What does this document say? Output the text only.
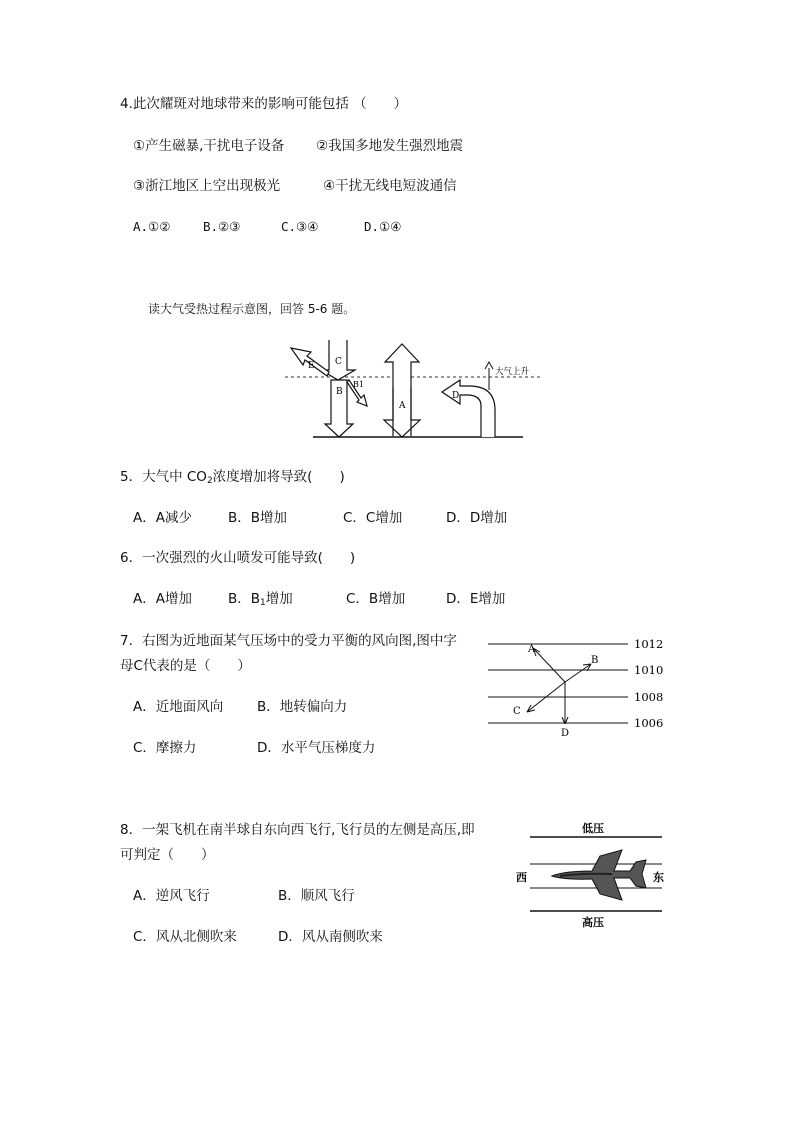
4.此次耀斑对地球带来的影响可能包括 （　　）
①产生磁暴,干扰电子设备 ②我国多地发生强烈地震
③浙江地区上空出现极光	④干扰无线电短波通信
A.①②	B.②③	C.③④	D.①④
读大气受热过程示意图，回答 5-6 题。
C
E
B
B1
A
D
大气上升
5．大气中 $CO_2$浓度增加将导致(　　)
A．A减少	B．B增加	C．C增加	D．D增加
6．一次强烈的火山喷发可能导致(　　)
A．A增加	B．$B_1$增加	C．B增加	D．E增加
7．右图为近地面某气压场中的受力平衡的风向图,图中字
母C代表的是（　　）
A．近地面风向	B．地转偏向力
C．摩擦力	D．水平气压梯度力
1012
1010
1008
1006
A
B
C
D
8．一架飞机在南半球自东向西飞行,飞行员的左侧是高压,即
可判定（　　）
A．逆风飞行	B．顺风飞行
C．风从北侧吹来	D．风从南侧吹来
低压
高压
西	东
